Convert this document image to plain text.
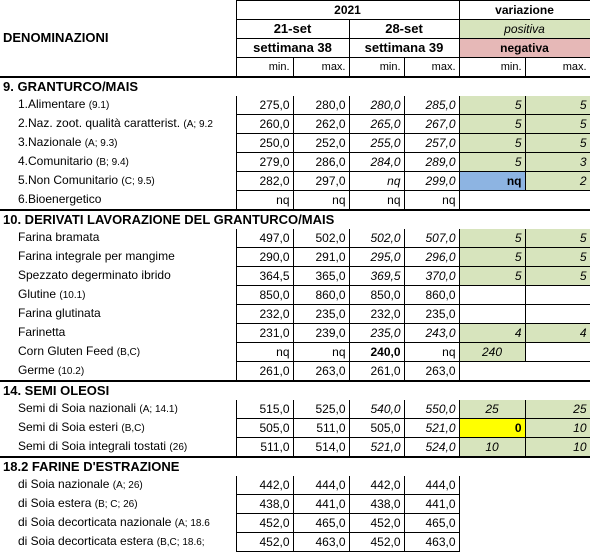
DENOMINAZIONI	2021				variazione	
	21-set		28-set		positiva	
	settimana 38		settimana 39		negativa	
	min.	max.	min.	max.	min.	max.
9. GRANTURCO/MAIS						
1.Alimentare (9.1)	275,0	280,0	280,0	285,0	5	5
2.Naz. zoot. qualità caratterist. (A; 9.2	260,0	262,0	265,0	267,0	5	5
3.Nazionale (A; 9.3)	250,0	252,0	255,0	257,0	5	5
4.Comunitario (B; 9.4)	279,0	286,0	284,0	289,0	5	3
5.Non Comunitario (C; 9.5)	282,0	297,0	nq	299,0	nq	2
6.Bioenergetico	nq	nq	nq	nq		
10. DERIVATI LAVORAZIONE DEL GRANTURCO/MAIS						
Farina bramata	497,0	502,0	502,0	507,0	5	5
Farina integrale per mangime	290,0	291,0	295,0	296,0	5	5
Spezzato degerminato ibrido	364,5	365,0	369,5	370,0	5	5
Glutine (10.1)	850,0	860,0	850,0	860,0		
Farina glutinata	232,0	235,0	232,0	235,0		
Farinetta	231,0	239,0	235,0	243,0	4	4
Corn Gluten Feed (B,C)	nq	nq	240,0	nq	240	
Germe (10.2)	261,0	263,0	261,0	263,0		
14. SEMI OLEOSI						
Semi di Soia nazionali (A; 14.1)	515,0	525,0	540,0	550,0	25	25
Semi di Soia esteri (B,C)	505,0	511,0	505,0	521,0	0	10
Semi di Soia integrali tostati (26)	511,0	514,0	521,0	524,0	10	10
18.2 FARINE D'ESTRAZIONE						
di Soia nazionale (A; 26)	442,0	444,0	442,0	444,0		
di Soia estera (B; C; 26)	438,0	441,0	438,0	441,0		
di Soia decorticata nazionale (A; 18.6	452,0	465,0	452,0	465,0		
di Soia decorticata estera (B,C; 18.6;	452,0	463,0	452,0	463,0		
